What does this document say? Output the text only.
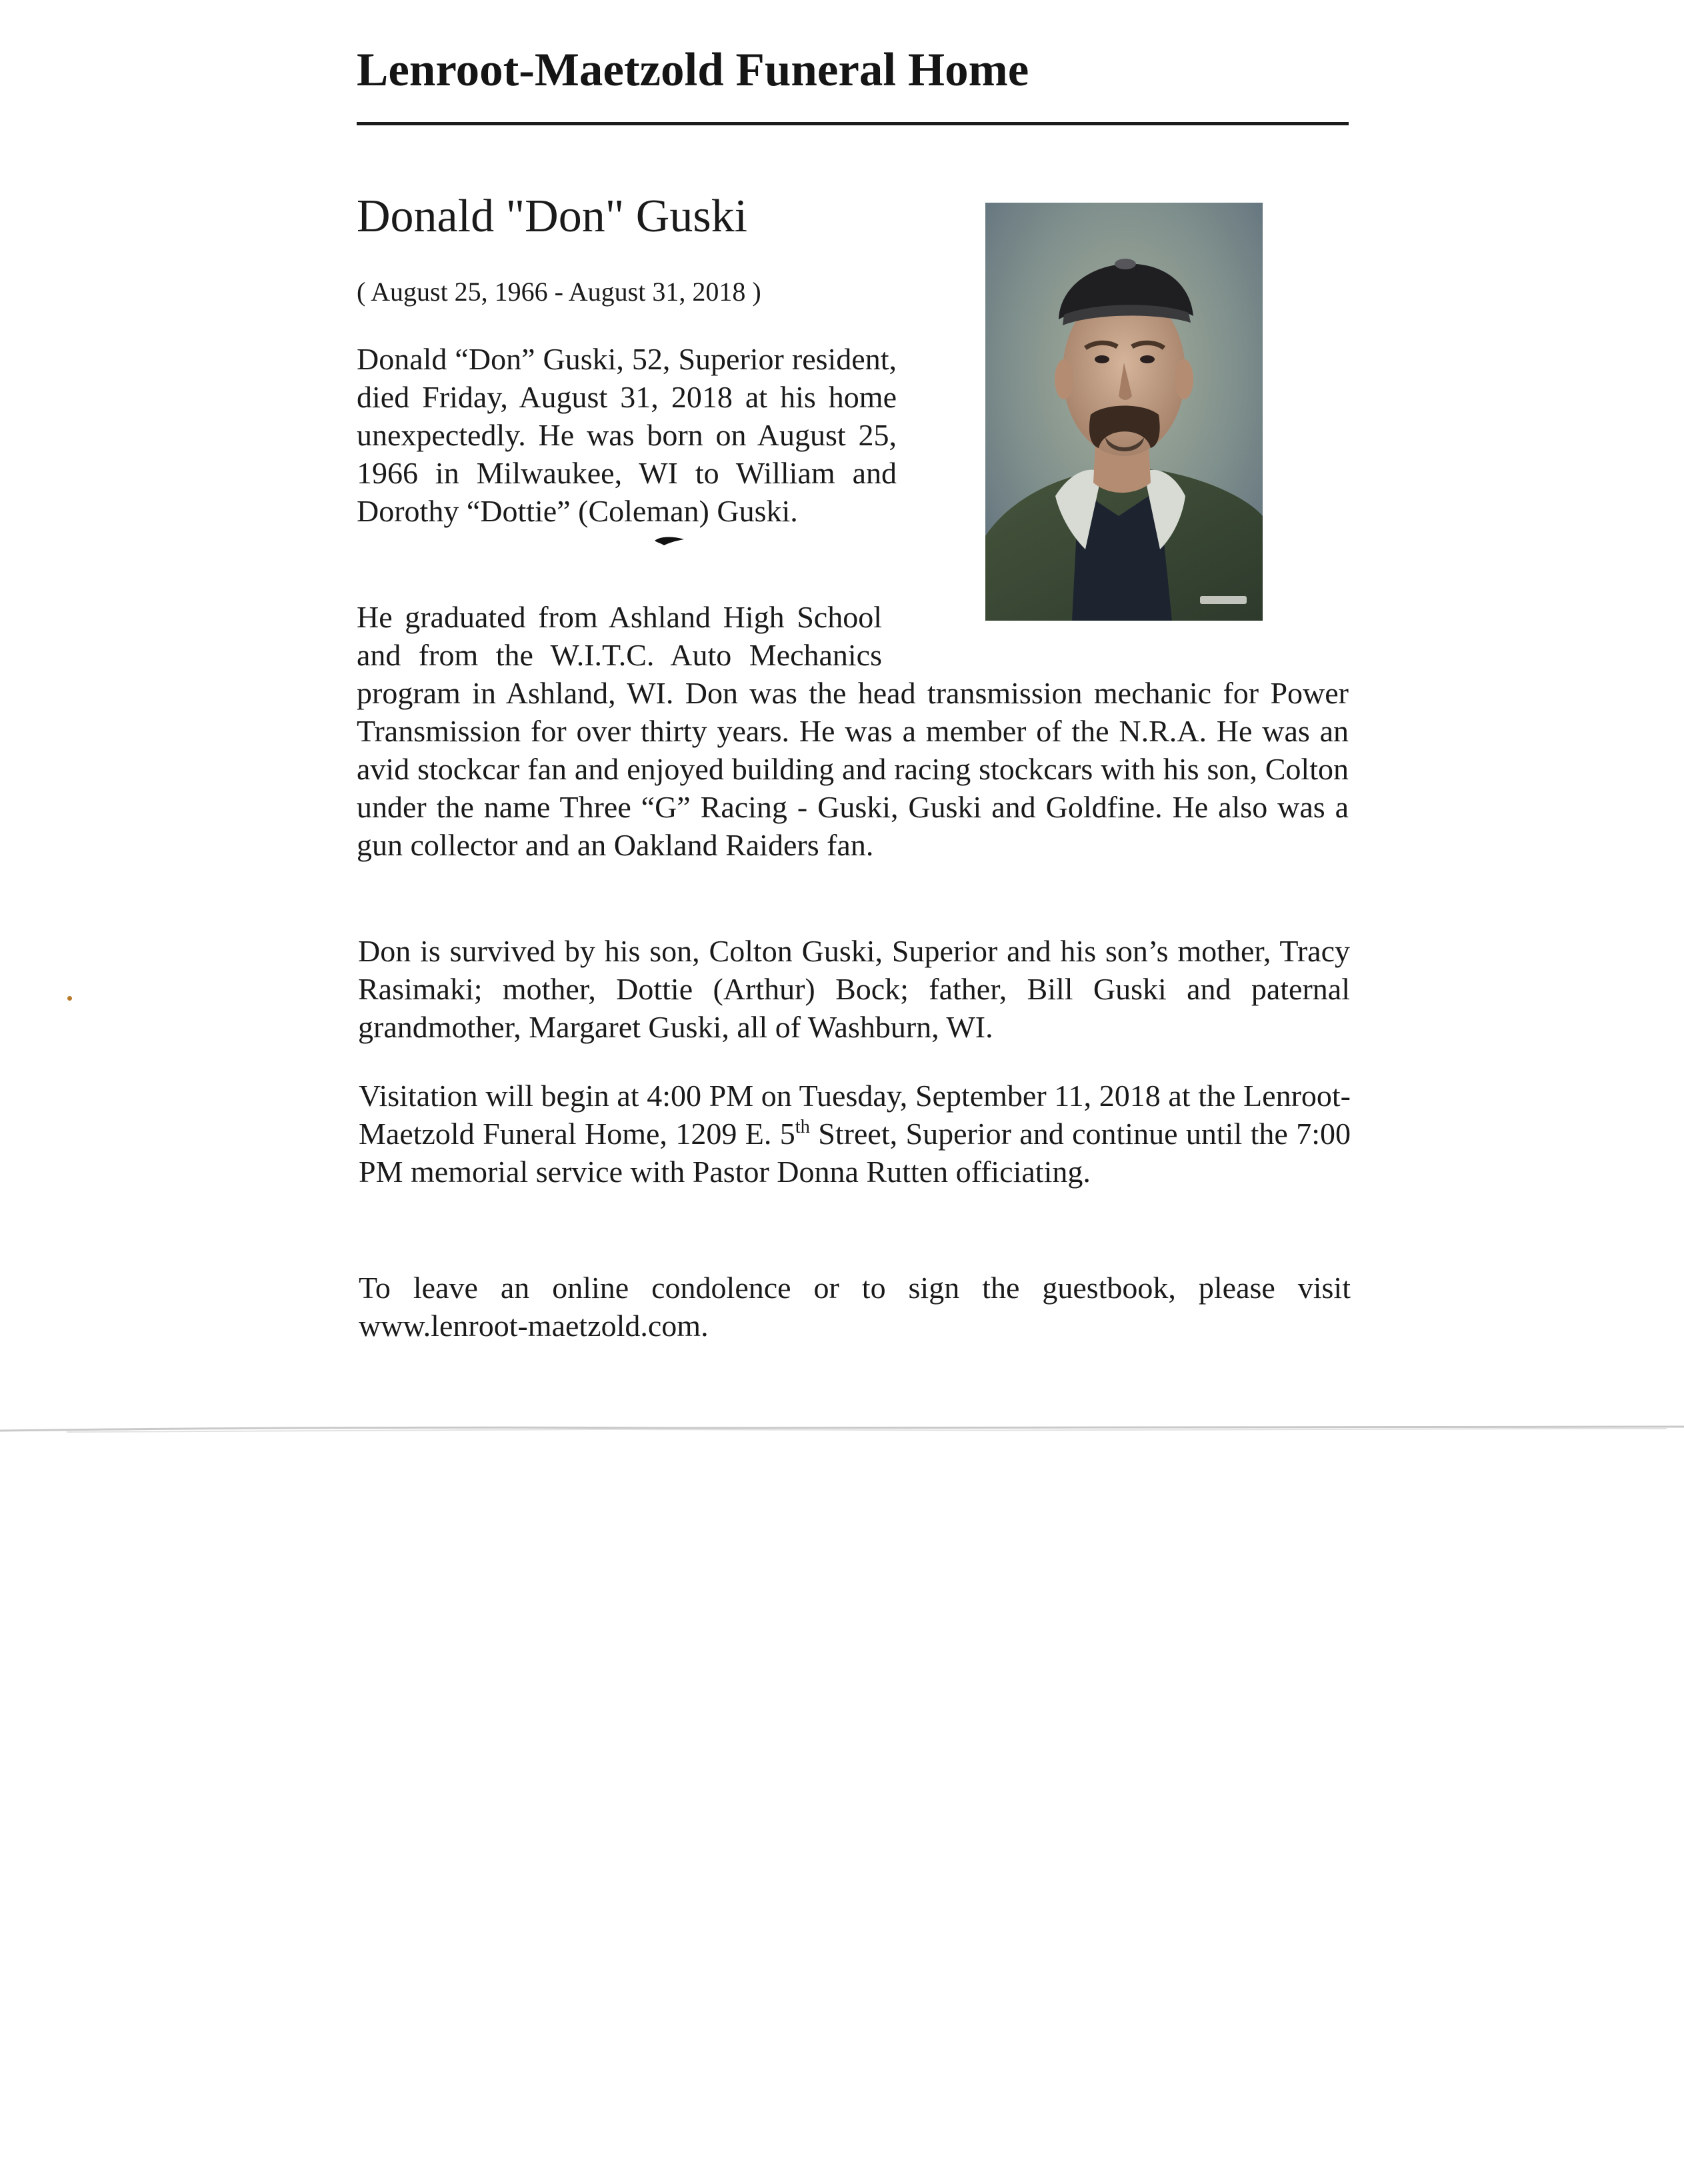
Lenroot-Maetzold Funeral Home
Donald "Don" Guski
( August 25, 1966 - August 31, 2018 )

Donald “Don” Guski, 52, Superior resident, died Friday, August 31, 2018 at his home unexpectedly. He was born on August 25, 1966 in Milwaukee, WI to William and Dorothy “Dottie” (Coleman) Guski.

He graduated from Ashland High School and from the W.I.T.C. Auto Mechanics program in Ashland, WI. Don was the head transmission mechanic for Power Transmission for over thirty years. He was a member of the N.R.A. He was an avid stockcar fan and enjoyed building and racing stockcars with his son, Colton under the name Three “G” Racing - Guski, Guski and Goldfine. He also was a gun collector and an Oakland Raiders fan.

Don is survived by his son, Colton Guski, Superior and his son’s mother, Tracy Rasimaki; mother, Dottie (Arthur) Bock; father, Bill Guski and paternal grandmother, Margaret Guski, all of Washburn, WI.

Visitation will begin at 4:00 PM on Tuesday, September 11, 2018 at the Lenroot-Maetzold Funeral Home, 1209 E. 5th Street, Superior and continue until the 7:00 PM memorial service with Pastor Donna Rutten officiating.

To leave an online condolence or to sign the guestbook, please visit www.lenroot-maetzold.com.
